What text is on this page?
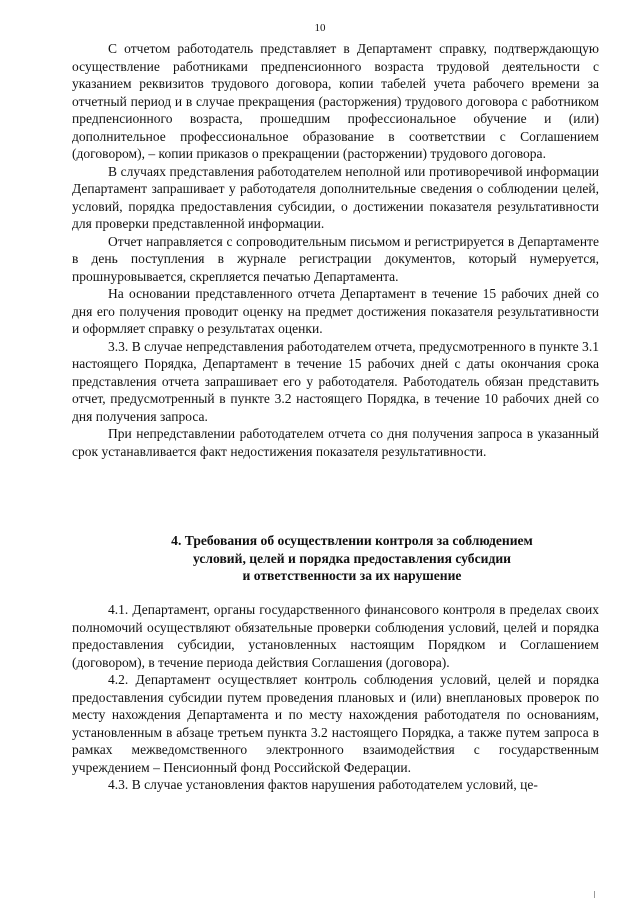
10

С отчетом работодатель представляет в Департамент справку, подтверждающую осуществление работниками предпенсионного возраста трудовой деятельности с указанием реквизитов трудового договора, копии табелей учета рабочего времени за отчетный период и в случае прекращения (расторжения) трудового договора с работником предпенсионного возраста, прошедшим профессиональное обучение и (или) дополнительное профессиональное образование в соответствии с Соглашением (договором), – копии приказов о прекращении (расторжении) трудового договора.

В случаях представления работодателем неполной или противоречивой информации Департамент запрашивает у работодателя дополнительные сведения о соблюдении целей, условий, порядка предоставления субсидии, о достижении показателя результативности для проверки представленной информации.

Отчет направляется с сопроводительным письмом и регистрируется в Департаменте в день поступления в журнале регистрации документов, который нумеруется, прошнуровывается, скрепляется печатью Департамента.

На основании представленного отчета Департамент в течение 15 рабочих дней со дня его получения проводит оценку на предмет достижения показателя результативности и оформляет справку о результатах оценки.

3.3. В случае непредставления работодателем отчета, предусмотренного в пункте 3.1 настоящего Порядка, Департамент в течение 15 рабочих дней с даты окончания срока представления отчета запрашивает его у работодателя. Работодатель обязан представить отчет, предусмотренный в пункте 3.2 настоящего Порядка, в течение 10 рабочих дней со дня получения запроса.

При непредставлении работодателем отчета со дня получения запроса в указанный срок устанавливается факт недостижения показателя результативности.

4. Требования об осуществлении контроля за соблюдением
условий, целей и порядка предоставления субсидии
и ответственности за их нарушение

4.1. Департамент, органы государственного финансового контроля в пределах своих полномочий осуществляют обязательные проверки соблюдения условий, целей и порядка предоставления субсидии, установленных настоящим Порядком и Соглашением (договором), в течение периода действия Соглашения (договора).

4.2. Департамент осуществляет контроль соблюдения условий, целей и порядка предоставления субсидии путем проведения плановых и (или) внеплановых проверок по месту нахождения Департамента и по месту нахождения работодателя по основаниям, установленным в абзаце третьем пункта 3.2 настоящего Порядка, а также путем запроса в рамках межведомственного электронного взаимодействия с государственным учреждением – Пенсионный фонд Российской Федерации.

4.3. В случае установления фактов нарушения работодателем условий, це-
